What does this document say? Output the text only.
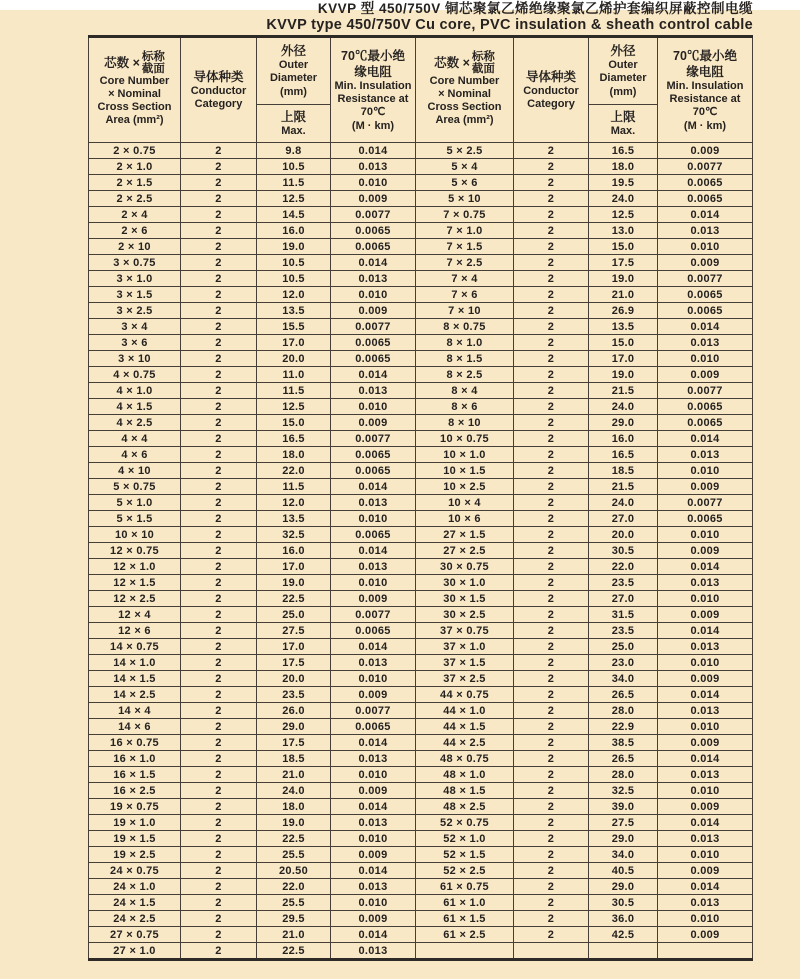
KVVP 型 450/750V 铜芯聚氯乙烯绝缘聚氯乙烯护套编织屏蔽控制电缆
KVVP type 450/750V Cu core, PVC insulation & sheath control cable
芯数 × 标称
截面
Core Number
× Nominal
Cross Section
Area (mm²)

导体种类
Conductor
Category

外径
Outer
Diameter
(mm)

70℃最小绝
缘电阻
Min. Insulation
Resistance at
70℃
(M · km)

芯数 × 标称
截面
Core Number
× Nominal
Cross Section
Area (mm²)

导体种类
Conductor
Category

外径
Outer
Diameter
(mm)

70℃最小绝
缘电阻
Min. Insulation
Resistance at
70℃
(M · km)

上限
Max.

上限
Max.

2 × 0.75	2	9.8	0.014	5 × 2.5	2	16.5	0.009
2 × 1.0	2	10.5	0.013	5 × 4	2	18.0	0.0077
2 × 1.5	2	11.5	0.010	5 × 6	2	19.5	0.0065
2 × 2.5	2	12.5	0.009	5 × 10	2	24.0	0.0065
2 × 4	2	14.5	0.0077	7 × 0.75	2	12.5	0.014
2 × 6	2	16.0	0.0065	7 × 1.0	2	13.0	0.013
2 × 10	2	19.0	0.0065	7 × 1.5	2	15.0	0.010
3 × 0.75	2	10.5	0.014	7 × 2.5	2	17.5	0.009
3 × 1.0	2	10.5	0.013	7 × 4	2	19.0	0.0077
3 × 1.5	2	12.0	0.010	7 × 6	2	21.0	0.0065
3 × 2.5	2	13.5	0.009	7 × 10	2	26.9	0.0065
3 × 4	2	15.5	0.0077	8 × 0.75	2	13.5	0.014
3 × 6	2	17.0	0.0065	8 × 1.0	2	15.0	0.013
3 × 10	2	20.0	0.0065	8 × 1.5	2	17.0	0.010
4 × 0.75	2	11.0	0.014	8 × 2.5	2	19.0	0.009
4 × 1.0	2	11.5	0.013	8 × 4	2	21.5	0.0077
4 × 1.5	2	12.5	0.010	8 × 6	2	24.0	0.0065
4 × 2.5	2	15.0	0.009	8 × 10	2	29.0	0.0065
4 × 4	2	16.5	0.0077	10 × 0.75	2	16.0	0.014
4 × 6	2	18.0	0.0065	10 × 1.0	2	16.5	0.013
4 × 10	2	22.0	0.0065	10 × 1.5	2	18.5	0.010
5 × 0.75	2	11.5	0.014	10 × 2.5	2	21.5	0.009
5 × 1.0	2	12.0	0.013	10 × 4	2	24.0	0.0077
5 × 1.5	2	13.5	0.010	10 × 6	2	27.0	0.0065
10 × 10	2	32.5	0.0065	27 × 1.5	2	20.0	0.010
12 × 0.75	2	16.0	0.014	27 × 2.5	2	30.5	0.009
12 × 1.0	2	17.0	0.013	30 × 0.75	2	22.0	0.014
12 × 1.5	2	19.0	0.010	30 × 1.0	2	23.5	0.013
12 × 2.5	2	22.5	0.009	30 × 1.5	2	27.0	0.010
12 × 4	2	25.0	0.0077	30 × 2.5	2	31.5	0.009
12 × 6	2	27.5	0.0065	37 × 0.75	2	23.5	0.014
14 × 0.75	2	17.0	0.014	37 × 1.0	2	25.0	0.013
14 × 1.0	2	17.5	0.013	37 × 1.5	2	23.0	0.010
14 × 1.5	2	20.0	0.010	37 × 2.5	2	34.0	0.009
14 × 2.5	2	23.5	0.009	44 × 0.75	2	26.5	0.014
14 × 4	2	26.0	0.0077	44 × 1.0	2	28.0	0.013
14 × 6	2	29.0	0.0065	44 × 1.5	2	22.9	0.010
16 × 0.75	2	17.5	0.014	44 × 2.5	2	38.5	0.009
16 × 1.0	2	18.5	0.013	48 × 0.75	2	26.5	0.014
16 × 1.5	2	21.0	0.010	48 × 1.0	2	28.0	0.013
16 × 2.5	2	24.0	0.009	48 × 1.5	2	32.5	0.010
19 × 0.75	2	18.0	0.014	48 × 2.5	2	39.0	0.009
19 × 1.0	2	19.0	0.013	52 × 0.75	2	27.5	0.014
19 × 1.5	2	22.5	0.010	52 × 1.0	2	29.0	0.013
19 × 2.5	2	25.5	0.009	52 × 1.5	2	34.0	0.010
24 × 0.75	2	20.50	0.014	52 × 2.5	2	40.5	0.009
24 × 1.0	2	22.0	0.013	61 × 0.75	2	29.0	0.014
24 × 1.5	2	25.5	0.010	61 × 1.0	2	30.5	0.013
24 × 2.5	2	29.5	0.009	61 × 1.5	2	36.0	0.010
27 × 0.75	2	21.0	0.014	61 × 2.5	2	42.5	0.009
27 × 1.0	2	22.5	0.013				
